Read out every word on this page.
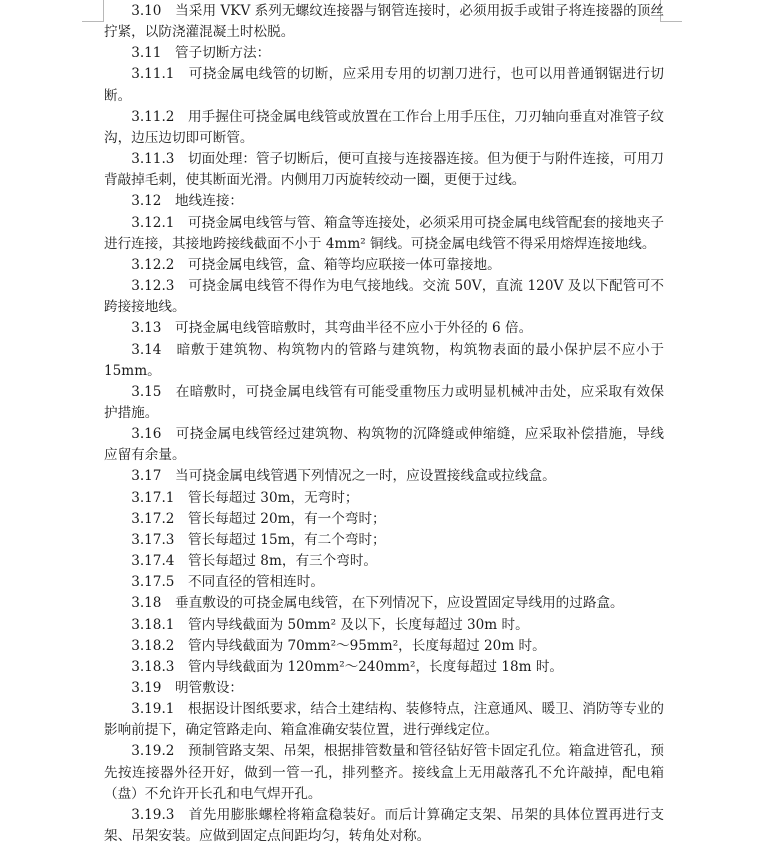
3.10　当采用 VKV 系列无螺纹连接器与钢管连接时，必须用扳手或钳子将连接器的顶丝拧紧，以防浇灌混凝土时松脱。

3.11　管子切断方法：

3.11.1　可挠金属电线管的切断，应采用专用的切割刀进行，也可以用普通钢锯进行切断。

3.11.2　用手握住可挠金属电线管或放置在工作台上用手压住，刀刃轴向垂直对准管子纹沟，边压边切即可断管。

3.11.3　切面处理：管子切断后，便可直接与连接器连接。但为便于与附件连接，可用刀背敲掉毛刺，使其断面光滑。内侧用刀丙旋转绞动一圈，更便于过线。

3.12　地线连接：

3.12.1　可挠金属电线管与管、箱盒等连接处，必须采用可挠金属电线管配套的接地夹子进行连接，其接地跨接线截面不小于 4mm² 铜线。可挠金属电线管不得采用熔焊连接地线。

3.12.2　可挠金属电线管，盒、箱等均应联接一体可靠接地。

3.12.3　可挠金属电线管不得作为电气接地线。交流 50V，直流 120V 及以下配管可不跨接接地线。

3.13　可挠金属电线管暗敷时，其弯曲半径不应小于外径的 6 倍。

3.14　暗敷于建筑物、构筑物内的管路与建筑物，构筑物表面的最小保护层不应小于 15mm。

3.15　在暗敷时，可挠金属电线管有可能受重物压力或明显机械冲击处，应采取有效保护措施。

3.16　可挠金属电线管经过建筑物、构筑物的沉降缝或伸缩缝，应采取补偿措施，导线应留有余量。

3.17　当可挠金属电线管遇下列情况之一时，应设置接线盒或拉线盒。

3.17.1　管长每超过 30m，无弯时；

3.17.2　管长每超过 20m，有一个弯时；

3.17.3　管长每超过 15m，有二个弯时；

3.17.4　管长每超过 8m，有三个弯时。

3.17.5　不同直径的管相连时。

3.18　垂直敷设的可挠金属电线管，在下列情况下，应设置固定导线用的过路盒。

3.18.1　管内导线截面为 50mm² 及以下，长度每超过 30m 时。

3.18.2　管内导线截面为 70mm²～95mm²，长度每超过 20m 时。

3.18.3　管内导线截面为 120mm²～240mm²，长度每超过 18m 时。

3.19　明管敷设：

3.19.1　根据设计图纸要求，结合土建结构、装修特点，注意通风、暖卫、消防等专业的影响前提下，确定管路走向、箱盒准确安装位置，进行弹线定位。

3.19.2　预制管路支架、吊架，根据排管数量和管径钻好管卡固定孔位。箱盒进管孔，预先按连接器外径开好，做到一管一孔，排列整齐。接线盒上无用敲落孔不允许敲掉，配电箱（盘）不允许开长孔和电气焊开孔。

3.19.3　首先用膨胀螺栓将箱盒稳装好。而后计算确定支架、吊架的具体位置再进行支架、吊架安装。应做到固定点间距均匀，转角处对称。
